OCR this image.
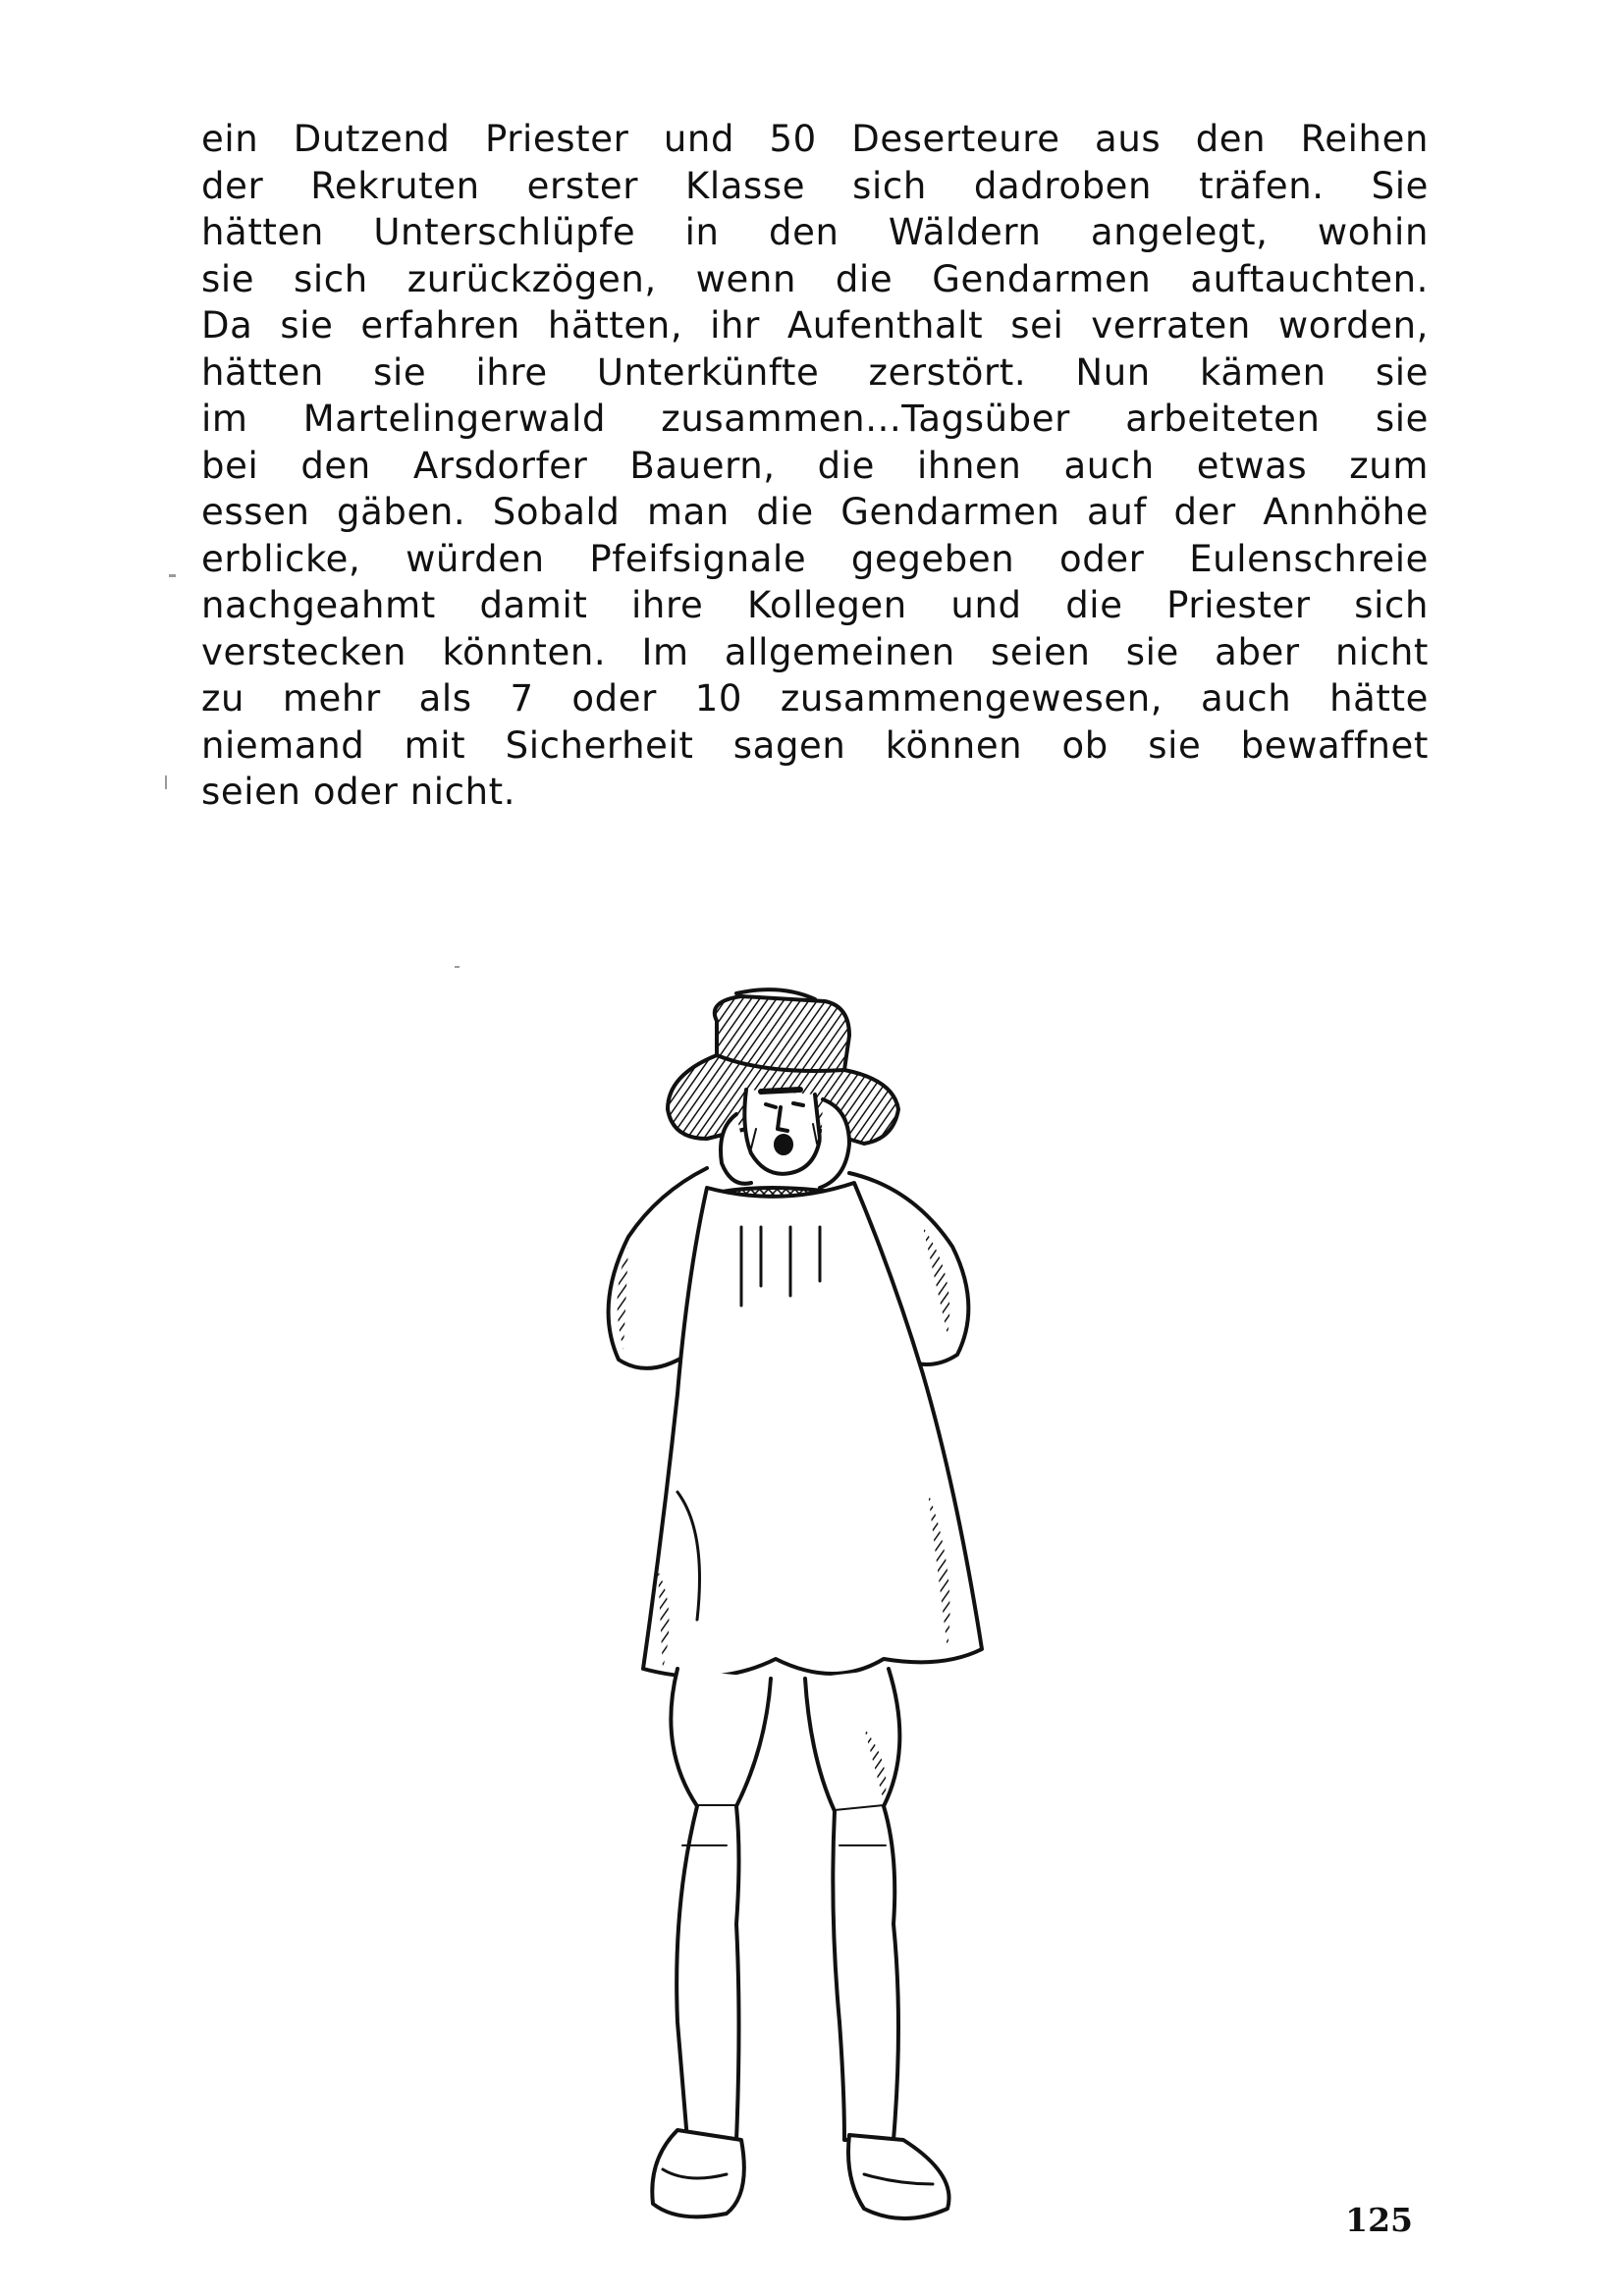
ein Dutzend Priester und 50 Deserteure aus den Reihen
der Rekruten erster Klasse sich dadroben träfen. Sie
hätten Unterschlüpfe in den Wäldern angelegt, wohin
sie sich zurückzögen, wenn die Gendarmen auftauchten.
Da sie erfahren hätten, ihr Aufenthalt sei verraten worden,
hätten sie ihre Unterkünfte zerstört. Nun kämen sie
im Martelingerwald zusammen...Tagsüber arbeiteten sie
bei den Arsdorfer Bauern, die ihnen auch etwas zum
essen gäben. Sobald man die Gendarmen auf der Annhöhe
erblicke, würden Pfeifsignale gegeben oder Eulenschreie
nachgeahmt damit ihre Kollegen und die Priester sich
verstecken könnten. Im allgemeinen seien sie aber nicht
zu mehr als 7 oder 10 zusammengewesen, auch hätte
niemand mit Sicherheit sagen können ob sie bewaffnet
seien oder nicht.
125
